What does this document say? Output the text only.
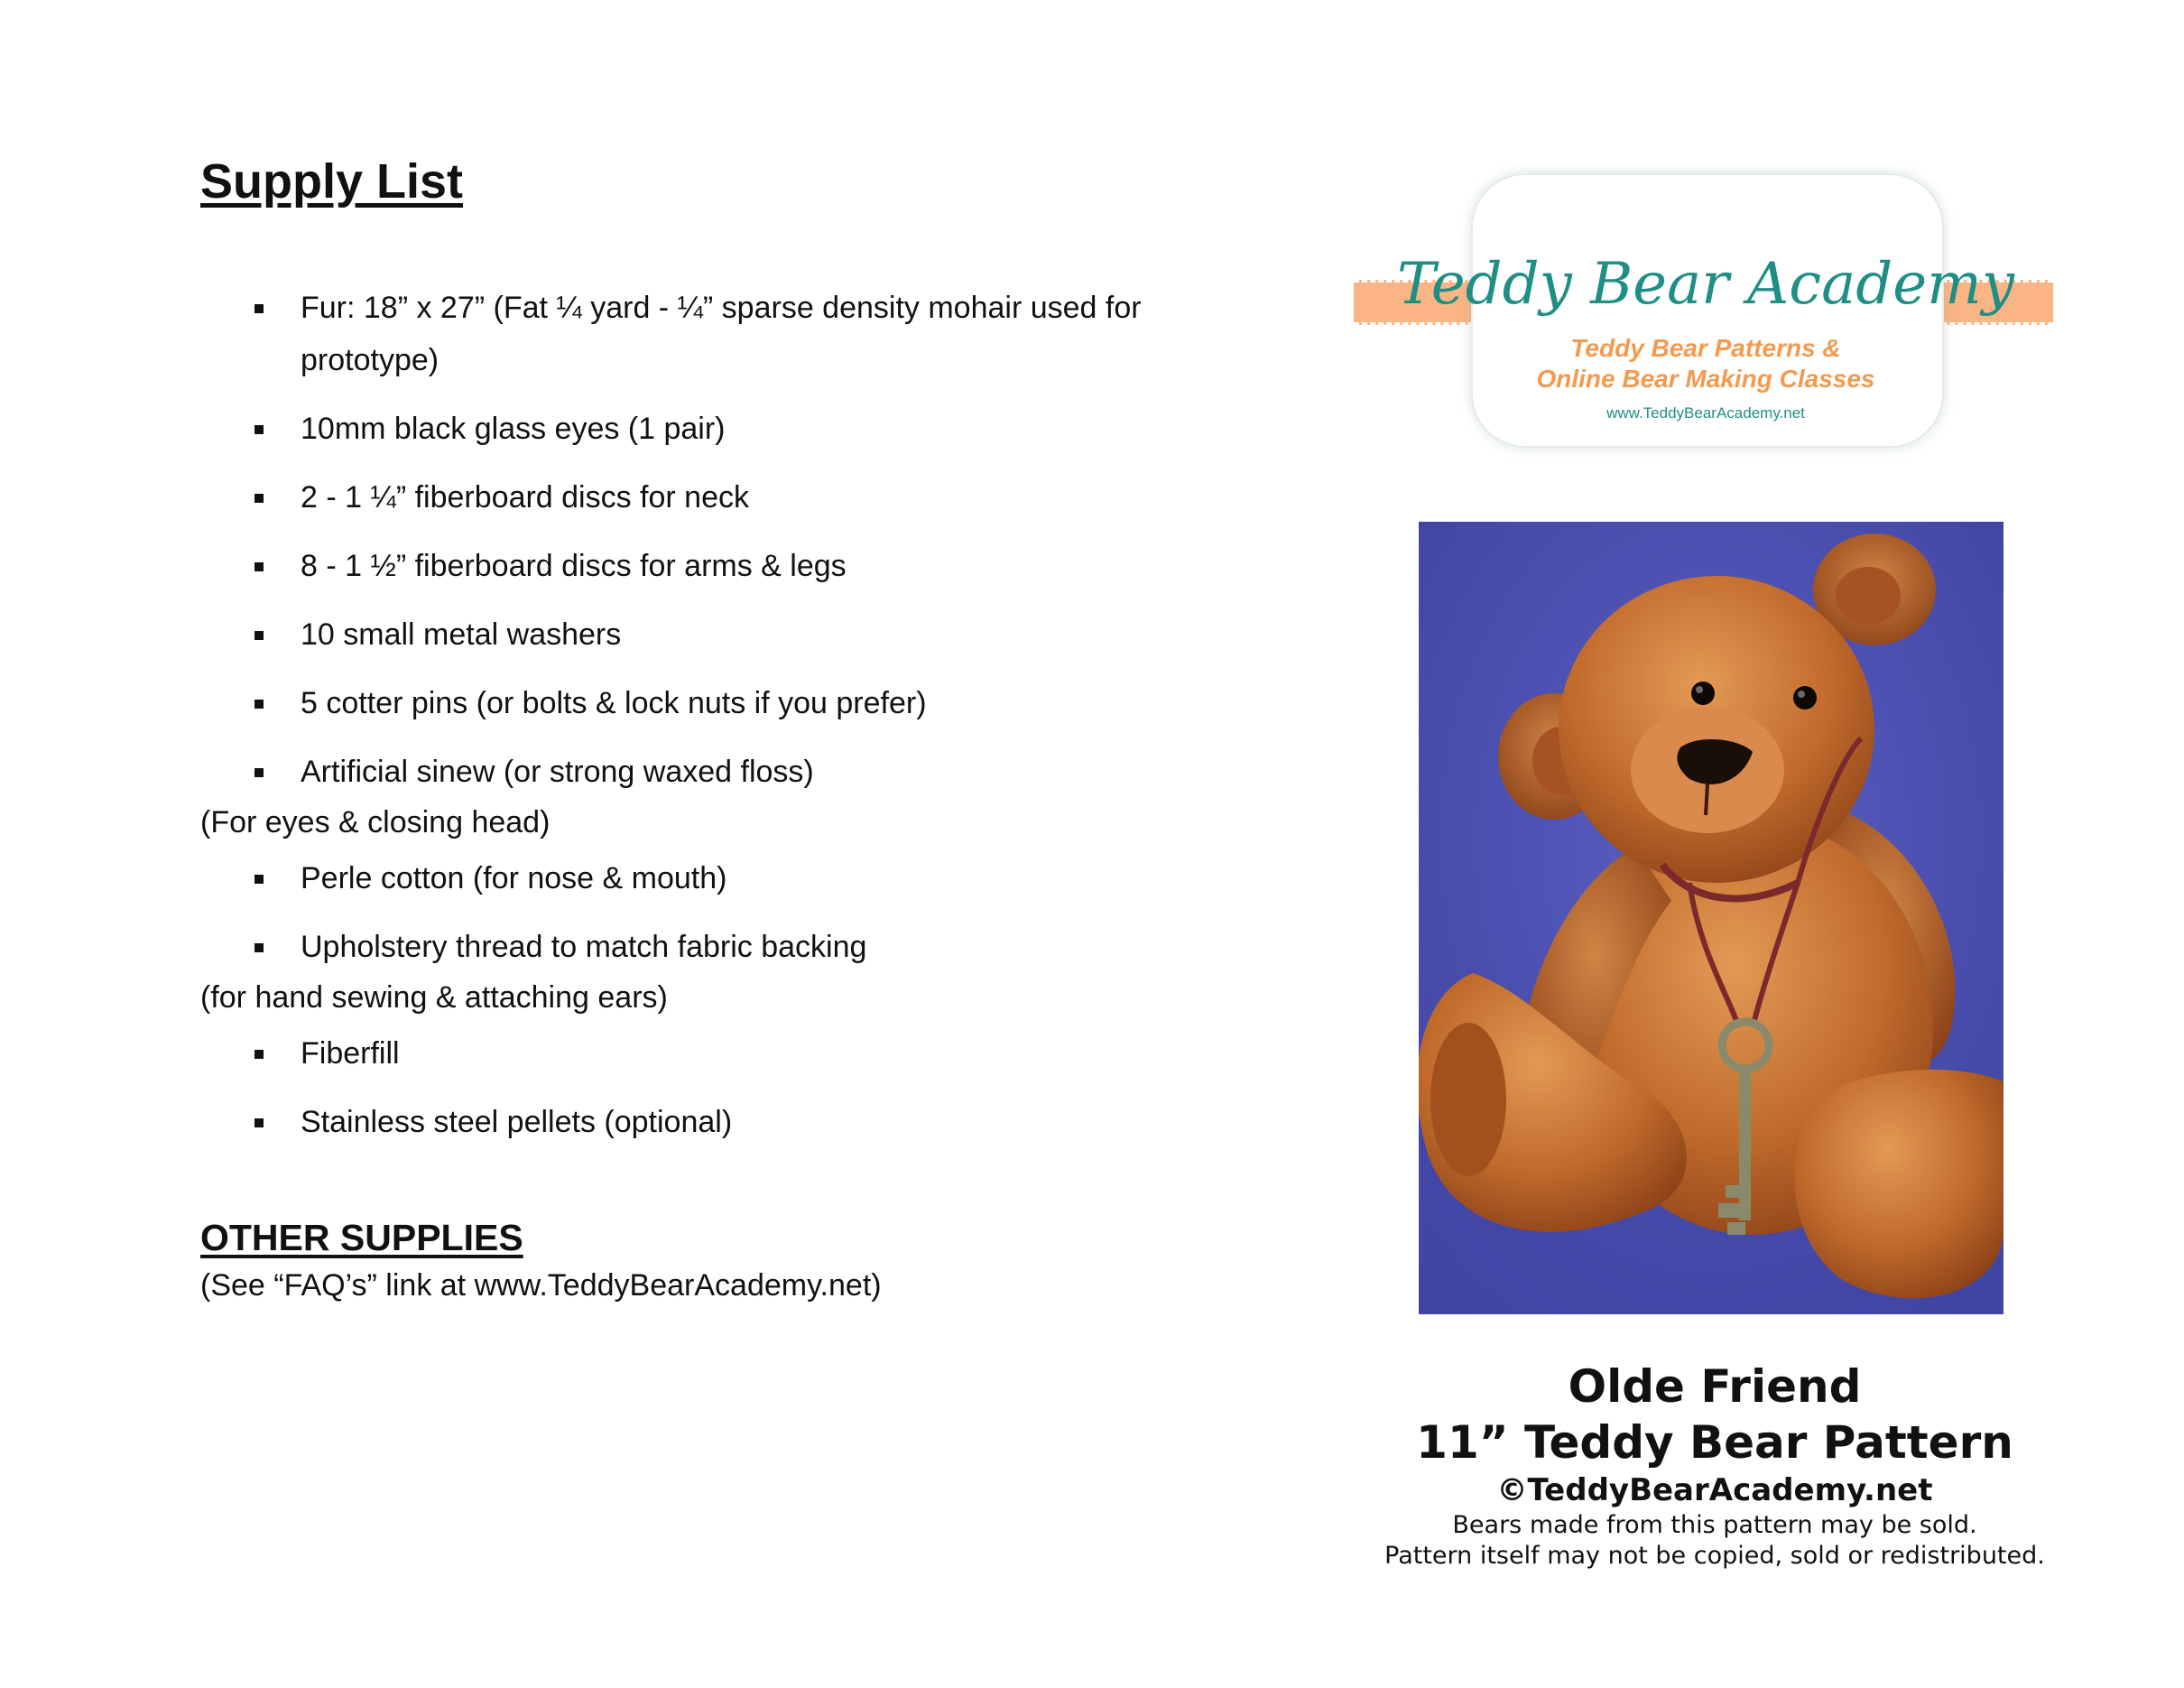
Supply List
Fur: 18” x 27” (Fat ¼ yard - ¼” sparse density mohair used for prototype)
10mm black glass eyes (1 pair)
2 - 1 ¼” fiberboard discs for neck
8 - 1 ½” fiberboard discs for arms & legs
10 small metal washers
5 cotter pins (or bolts & lock nuts if you prefer)
Artificial sinew (or strong waxed floss)
(For eyes & closing head)
Perle cotton (for nose & mouth)
Upholstery thread to match fabric backing
(for hand sewing & attaching ears)
Fiberfill
Stainless steel pellets (optional)
OTHER SUPPLIES
(See “FAQ’s” link at www.TeddyBearAcademy.net)
Teddy Bear Academy
Teddy Bear Patterns &
Online Bear Making Classes
www.TeddyBearAcademy.net
Olde Friend
11” Teddy Bear Pattern
©TeddyBearAcademy.net
Bears made from this pattern may be sold.
Pattern itself may not be copied, sold or redistributed.
